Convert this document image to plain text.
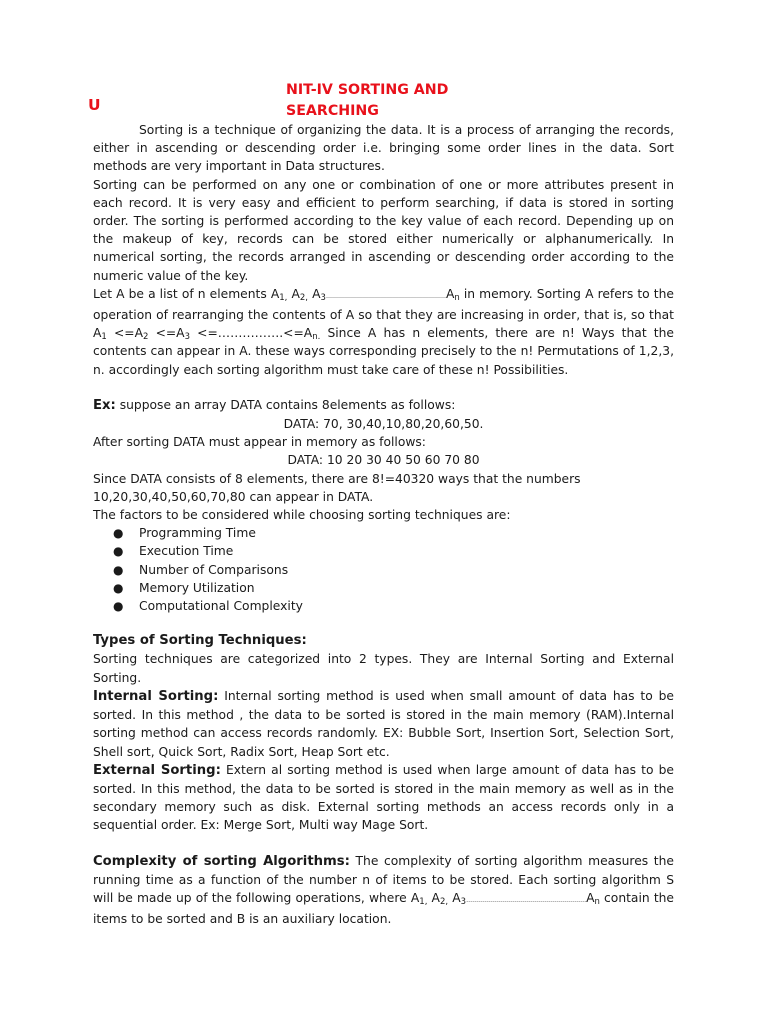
U
NIT-IV SORTING AND
SEARCHING

Sorting is a technique of organizing the data. It is a process of arranging the records, either in ascending or descending order i.e. bringing some order lines in the data. Sort methods are very important in Data structures.

Sorting can be performed on any one or combination of one or more attributes present in each record. It is very easy and efficient to perform searching, if data is stored in sorting order. The sorting is performed according to the key value of each record. Depending up on the makeup of key, records can be stored either numerically or alphanumerically. In numerical sorting, the records arranged in ascending or descending order according to the numeric value of the key.

Let A be a list of n elements $A_{1,}$ $A_{2,}$ $A_3\dots\dots\dots\dots\dots\dots\dots\dots\dots\dots\dots\dots\dots\dots\dots\dots\dots\dots\dots\dots A_n$ in memory. Sorting A refers to the operation of rearranging the contents of A so that they are increasing in order, that is, so that $A_1 <=A_2 <=A_3$ $<=\dots\dots\dots\dots\dots.<=A_{n.}$ Since A has n elements, there are n! Ways that the contents can appear in A. these ways corresponding precisely to the n! Permutations of 1,2,3, n. accordingly each sorting algorithm must take care of these n! Possibilities.

Ex: suppose an array DATA contains 8elements as follows:

DATA: 70, 30,40,10,80,20,60,50.

After sorting DATA must appear in memory as follows:

DATA: 10 20 30 40 50 60 70 80

Since DATA consists of 8 elements, there are 8!=40320 ways that the numbers 10,20,30,40,50,60,70,80 can appear in DATA.

The factors to be considered while choosing sorting techniques are:

● Programming Time
● Execution Time
● Number of Comparisons
● Memory Utilization
● Computational Complexity

Types of Sorting Techniques:

Sorting techniques are categorized into 2 types. They are Internal Sorting and External Sorting.

Internal Sorting: Internal sorting method is used when small amount of data has to be sorted. In this method , the data to be sorted is stored in the main memory (RAM).Internal sorting method can access records randomly. EX: Bubble Sort, Insertion Sort, Selection Sort, Shell sort, Quick Sort, Radix Sort, Heap Sort etc.

External Sorting: Extern al sorting method is used when large amount of data has to be sorted. In this method, the data to be sorted is stored in the main memory as well as in the secondary memory such as disk. External sorting methods an access records only in a sequential order. Ex: Merge Sort, Multi way Mage Sort.

Complexity of sorting Algorithms: The complexity of sorting algorithm measures the running time as a function of the number n of items to be stored. Each sorting algorithm S will be made up of the following operations, where $A_{1,}$ $A_{2,}$ $A_3\dots\dots\dots\dots\dots\dots\dots\dots\dots\dots\dots\dots\dots\dots\dots\dots\dots\dots\dots\dots A_n$ contain the items to be sorted and B is an auxiliary location.
